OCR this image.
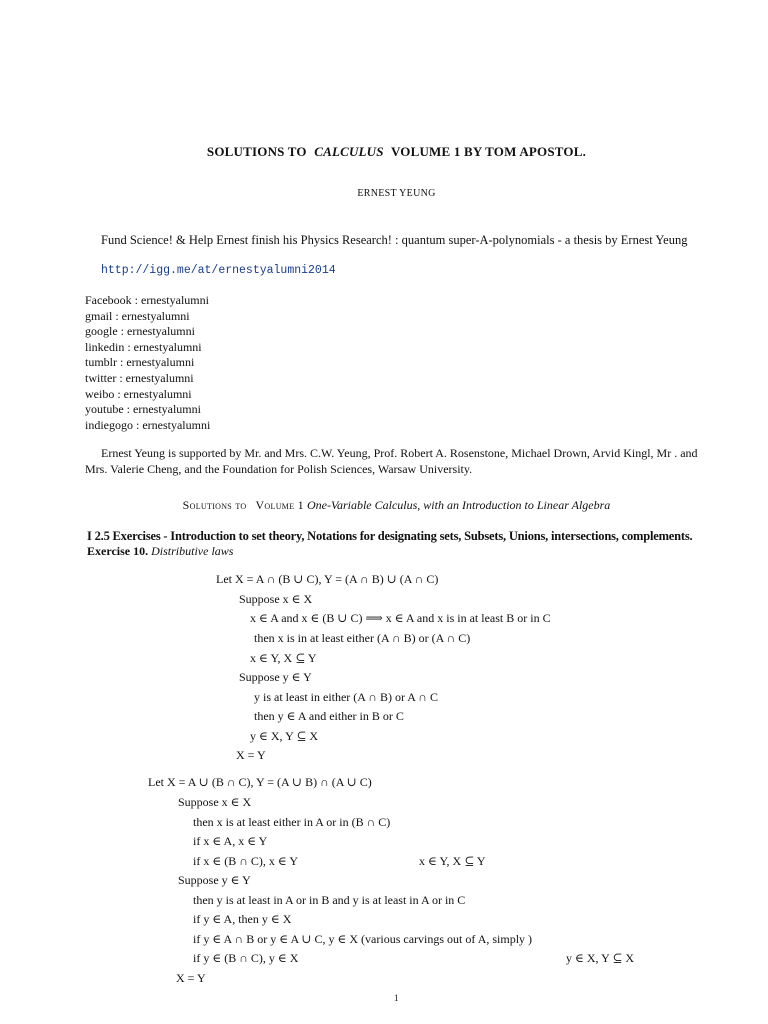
SOLUTIONS TO CALCULUS VOLUME 1 BY TOM APOSTOL.
ERNEST YEUNG
Fund Science! & Help Ernest finish his Physics Research! : quantum super-A-polynomials - a thesis by Ernest Yeung
http://igg.me/at/ernestyalumni2014
Facebook : ernestyalumni
gmail : ernestyalumni
google : ernestyalumni
linkedin : ernestyalumni
tumblr : ernestyalumni
twitter : ernestyalumni
weibo : ernestyalumni
youtube : ernestyalumni
indiegogo : ernestyalumni
Ernest Yeung is supported by Mr. and Mrs. C.W. Yeung, Prof. Robert A. Rosenstone, Michael Drown, Arvid Kingl, Mr . and Mrs. Valerie Cheng, and the Foundation for Polish Sciences, Warsaw University.
Solutions to Volume 1 One-Variable Calculus, with an Introduction to Linear Algebra
I 2.5 Exercises - Introduction to set theory, Notations for designating sets, Subsets, Unions, intersections, complements.
Exercise 10. Distributive laws
Let X = A ∩ (B ∪ C), Y = (A ∩ B) ∪ (A ∩ C)
Suppose x ∈ X
x ∈ A and x ∈ (B ∪ C) ⟹ x ∈ A and x is in at least B or in C
then x is in at least either (A ∩ B) or (A ∩ C)
x ∈ Y, X ⊆ Y
Suppose y ∈ Y
y is at least in either (A ∩ B) or A ∩ C
then y ∈ A and either in B or C
y ∈ X, Y ⊆ X
X = Y
Let X = A ∪ (B ∩ C), Y = (A ∪ B) ∩ (A ∪ C)
Suppose x ∈ X
then x is at least either in A or in (B ∩ C)
if x ∈ A, x ∈ Y
if x ∈ (B ∩ C), x ∈ Y	x ∈ Y, X ⊆ Y
Suppose y ∈ Y
then y is at least in A or in B and y is at least in A or in C
if y ∈ A, then y ∈ X
if y ∈ A ∩ B or y ∈ A ∪ C, y ∈ X (various carvings out of A, simply )
if y ∈ (B ∩ C), y ∈ X	y ∈ X, Y ⊆ X
X = Y
1
